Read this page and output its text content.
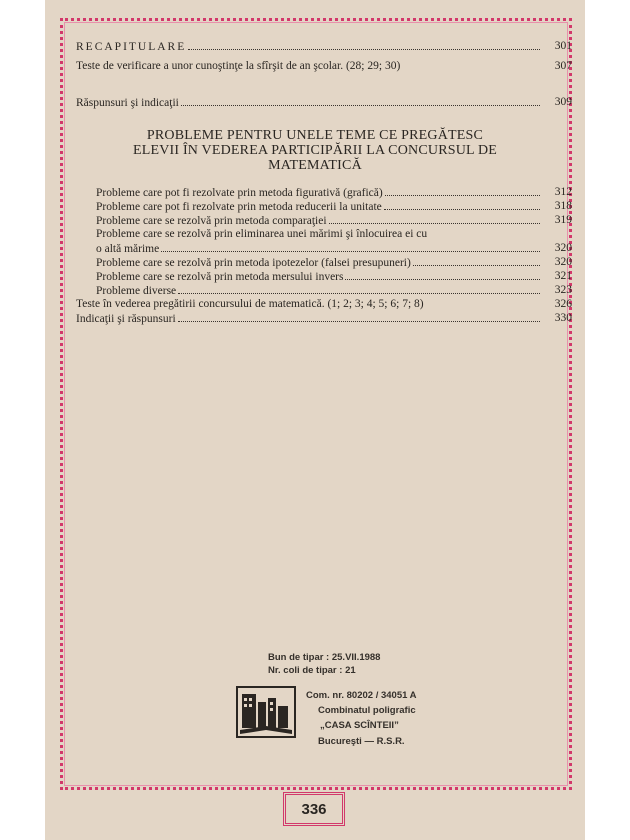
RECAPITULARE	301
Teste de verificare a unor cunoştinţe la sfîrşit de an şcolar. (28; 29; 30)	307
Răspunsuri şi indicaţii	309
PROBLEME PENTRU UNELE TEME CE PREGĂTESC
ELEVII ÎN VEDEREA PARTICIPĂRII LA CONCURSUL DE
MATEMATICĂ
Probleme care pot fi rezolvate prin metoda figurativă (grafică)	312
Probleme care pot fi rezolvate prin metoda reducerii la unitate	318
Probleme care se rezolvă prin metoda comparaţiei	319
Probleme care se rezolvă prin eliminarea unei mărimi şi înlocuirea ei cu
o altă mărime	320
Probleme care se rezolvă prin metoda ipotezelor (falsei presupuneri)	320
Probleme care se rezolvă prin metoda mersului invers	321
Probleme diverse	323
Teste în vederea pregătirii concursului de matematică. (1; 2; 3; 4; 5; 6; 7; 8)	326
Indicaţii şi răspunsuri	330
Bun de tipar : 25.VII.1988
Nr. coli de tipar : 21
Com. nr. 80202 / 34051 A
Combinatul poligrafic
„CASA SCÎNTEII”
Bucureşti — R.S.R.
336
